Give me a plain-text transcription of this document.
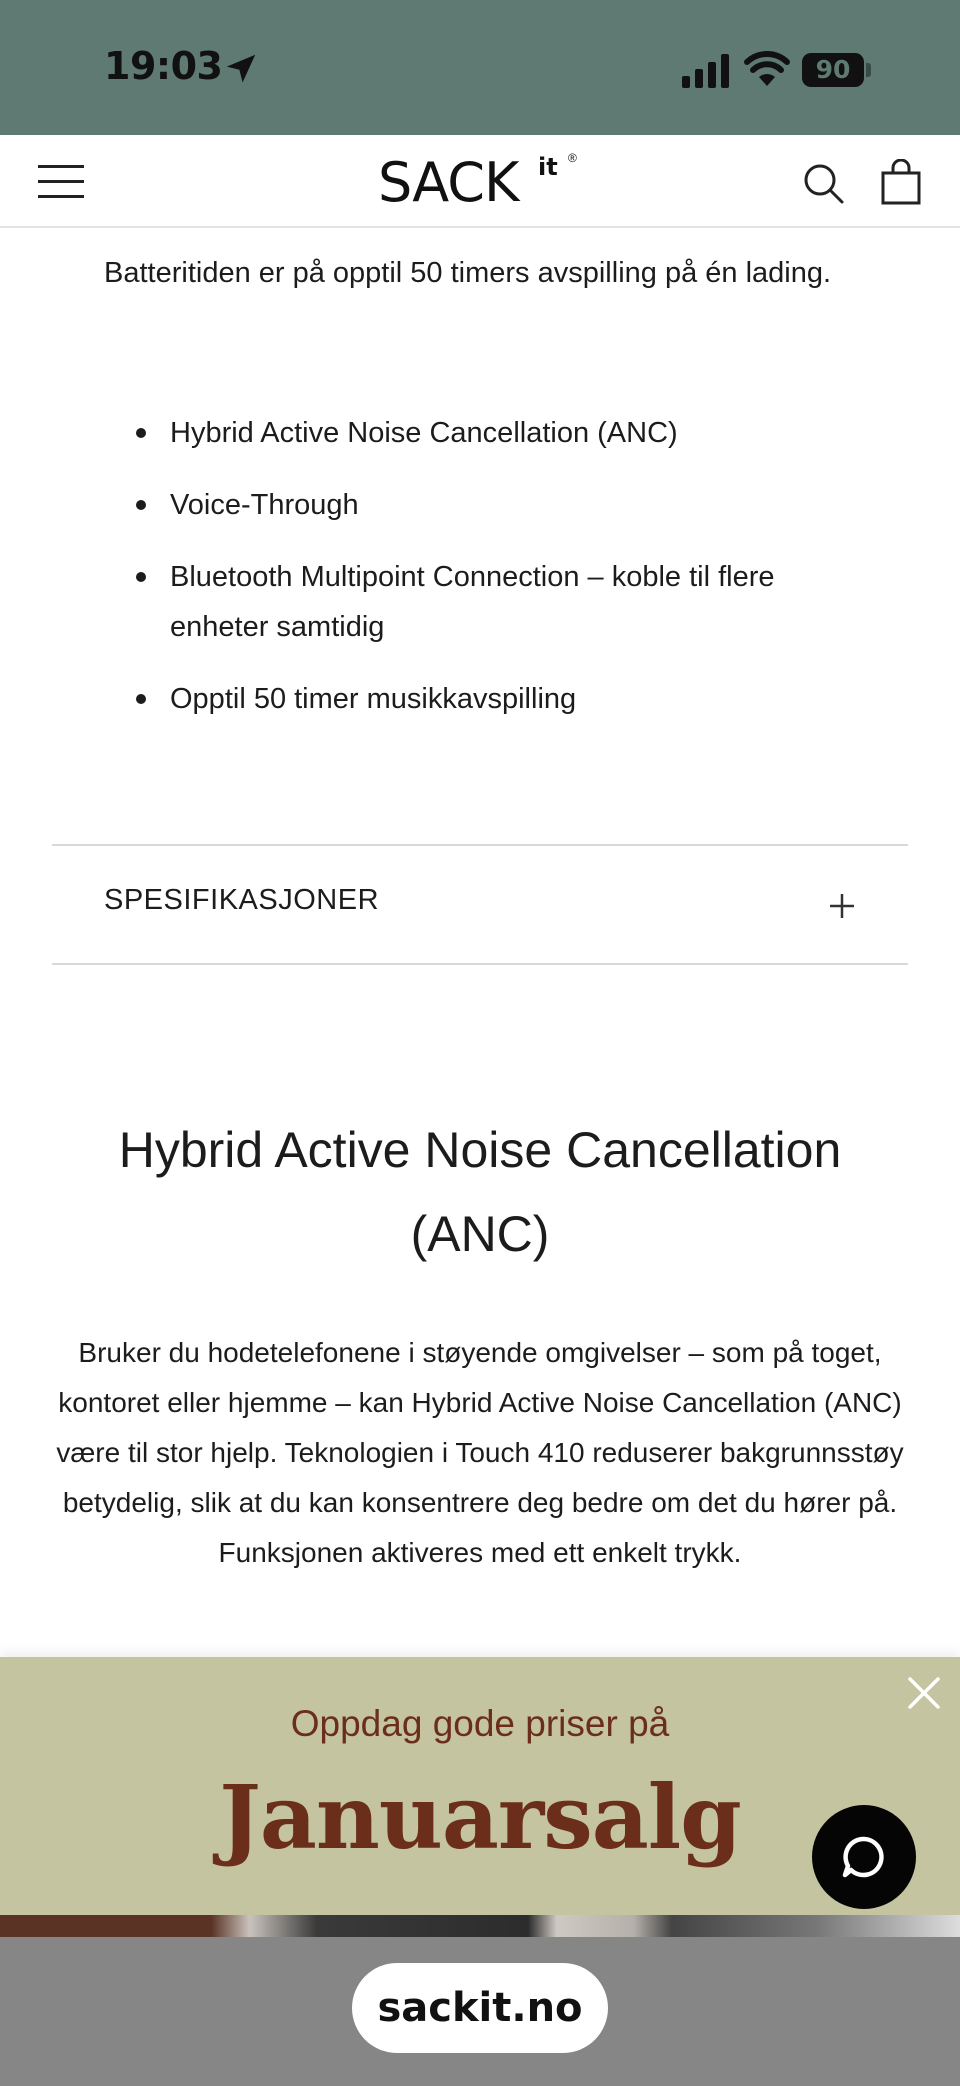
19:03	90
SACK it ®

Batteritiden er på opptil 50 timers avspilling på én lading.

Hybrid Active Noise Cancellation (ANC)
Voice-Through
Bluetooth Multipoint Connection – koble til flere enheter samtidig
Opptil 50 timer musikkavspilling
SPESIFIKASJONER
Hybrid Active Noise Cancellation (ANC)

Bruker du hodetelefonene i støyende omgivelser – som på toget, kontoret eller hjemme – kan Hybrid Active Noise Cancellation (ANC) være til stor hjelp. Teknologien i Touch 410 reduserer bakgrunnsstøy betydelig, slik at du kan konsentrere deg bedre om det du hører på. Funksjonen aktiveres med ett enkelt trykk.

Oppdag gode priser på
Januarsalg
sackit.no
